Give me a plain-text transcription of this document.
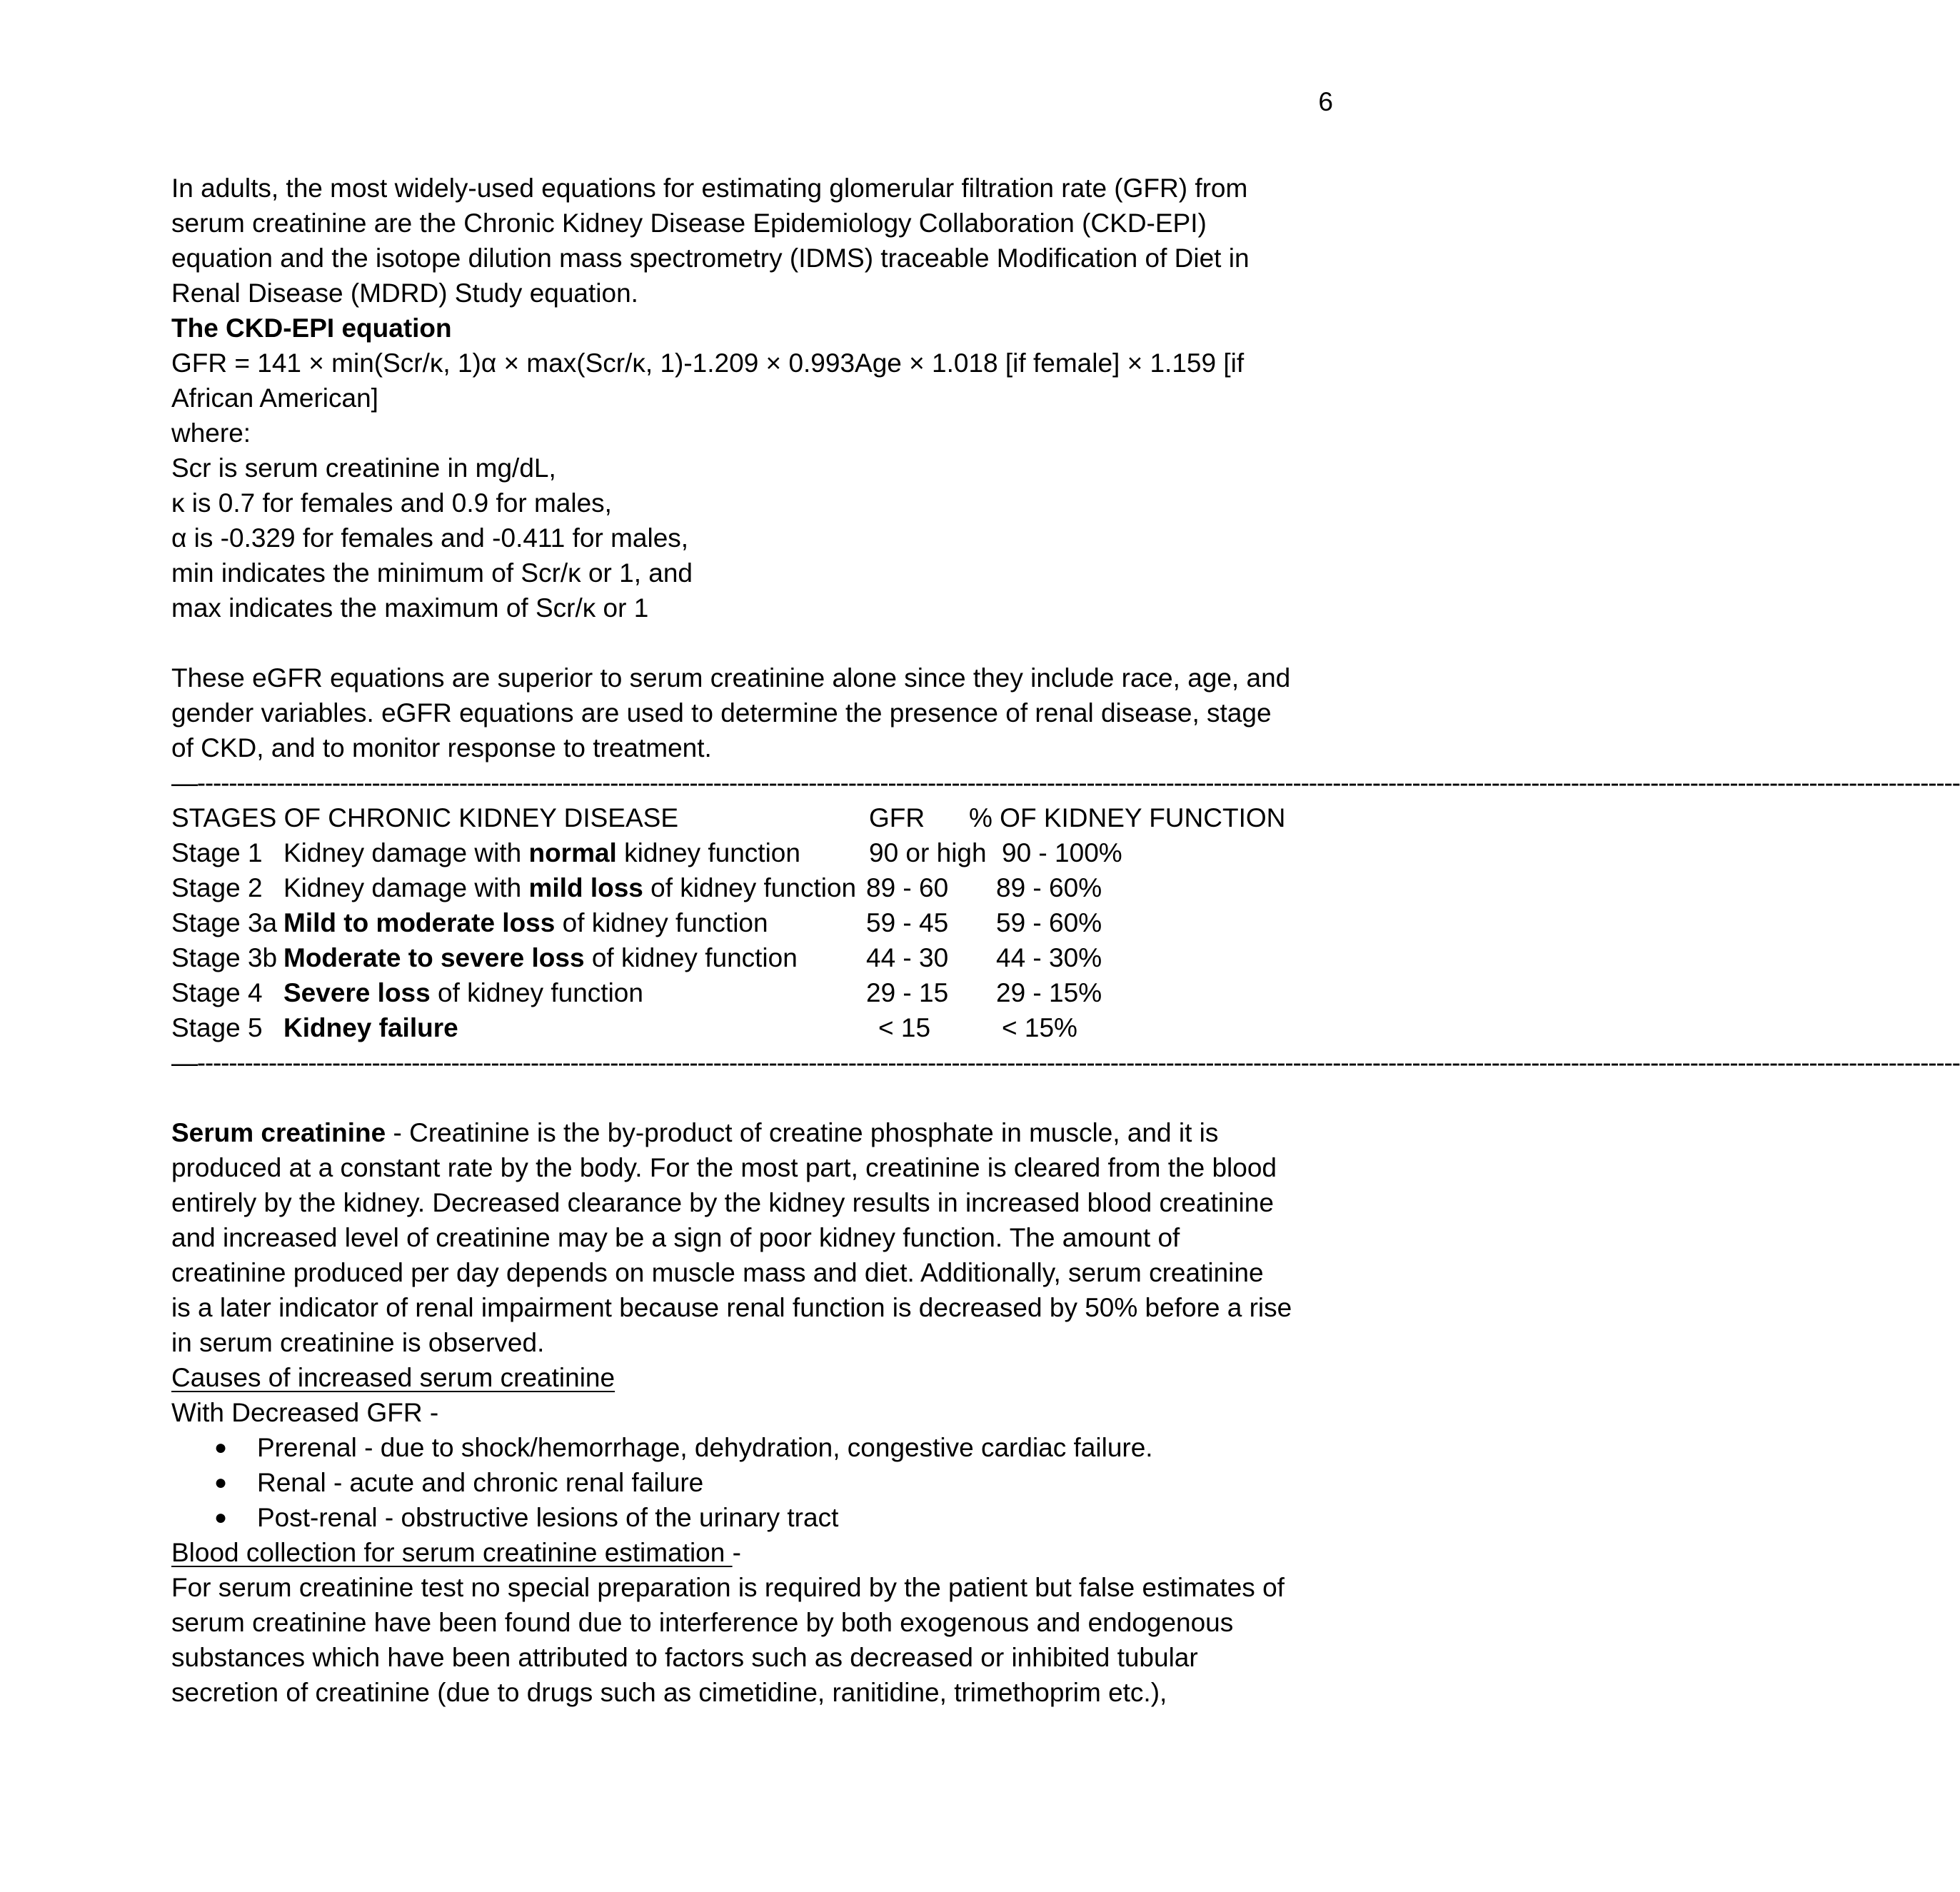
6
In adults, the most widely-used equations for estimating glomerular filtration rate (GFR) from
serum creatinine are the Chronic Kidney Disease Epidemiology Collaboration (CKD-EPI)
equation and the isotope dilution mass spectrometry (IDMS) traceable Modification of Diet in
Renal Disease (MDRD) Study equation.
The CKD-EPI equation
GFR = 141 × min(Scr/κ, 1)α × max(Scr/κ, 1)-1.209 × 0.993Age × 1.018 [if female] × 1.159 [if
African American]
where:
Scr is serum creatinine in mg/dL,
κ is 0.7 for females and 0.9 for males,
α is -0.329 for females and -0.411 for males,
min indicates the minimum of Scr/κ or 1, and
max indicates the maximum of Scr/κ or 1
These eGFR equations are superior to serum creatinine alone since they include race, age, and
gender variables. eGFR equations are used to determine the presence of renal disease, stage
of CKD, and to monitor response to treatment.
—------------------------------------------------------------------------------------------------------------------------------------------------------------------------------------------------------------------------------
STAGES OF CHRONIC KIDNEY DISEASE	GFR % OF KIDNEY FUNCTION
Stage 1 Kidney damage with normal kidney function	90 or high 90 - 100%
Stage 2 Kidney damage with mild loss of kidney function 89 - 60 89 - 60%
Stage 3a Mild to moderate loss of kidney function	59 - 45 59 - 60%
Stage 3b Moderate to severe loss of kidney function	44 - 30 44 - 30%
Stage 4 Severe loss of kidney function	29 - 15 29 - 15%
Stage 5 Kidney failure	< 15	< 15%
—------------------------------------------------------------------------------------------------------------------------------------------------------------------------------------------------------------------------------
Serum creatinine - Creatinine is the by-product of creatine phosphate in muscle, and it is
produced at a constant rate by the body. For the most part, creatinine is cleared from the blood
entirely by the kidney. Decreased clearance by the kidney results in increased blood creatinine
and increased level of creatinine may be a sign of poor kidney function. The amount of
creatinine produced per day depends on muscle mass and diet. Additionally, serum creatinine
is a later indicator of renal impairment because renal function is decreased by 50% before a rise
in serum creatinine is observed.
Causes of increased serum creatinine
With Decreased GFR -
● Prerenal - due to shock/hemorrhage, dehydration, congestive cardiac failure.
● Renal - acute and chronic renal failure
● Post-renal - obstructive lesions of the urinary tract
Blood collection for serum creatinine estimation -
For serum creatinine test no special preparation is required by the patient but false estimates of
serum creatinine have been found due to interference by both exogenous and endogenous
substances which have been attributed to factors such as decreased or inhibited tubular
secretion of creatinine (due to drugs such as cimetidine, ranitidine, trimethoprim etc.),
